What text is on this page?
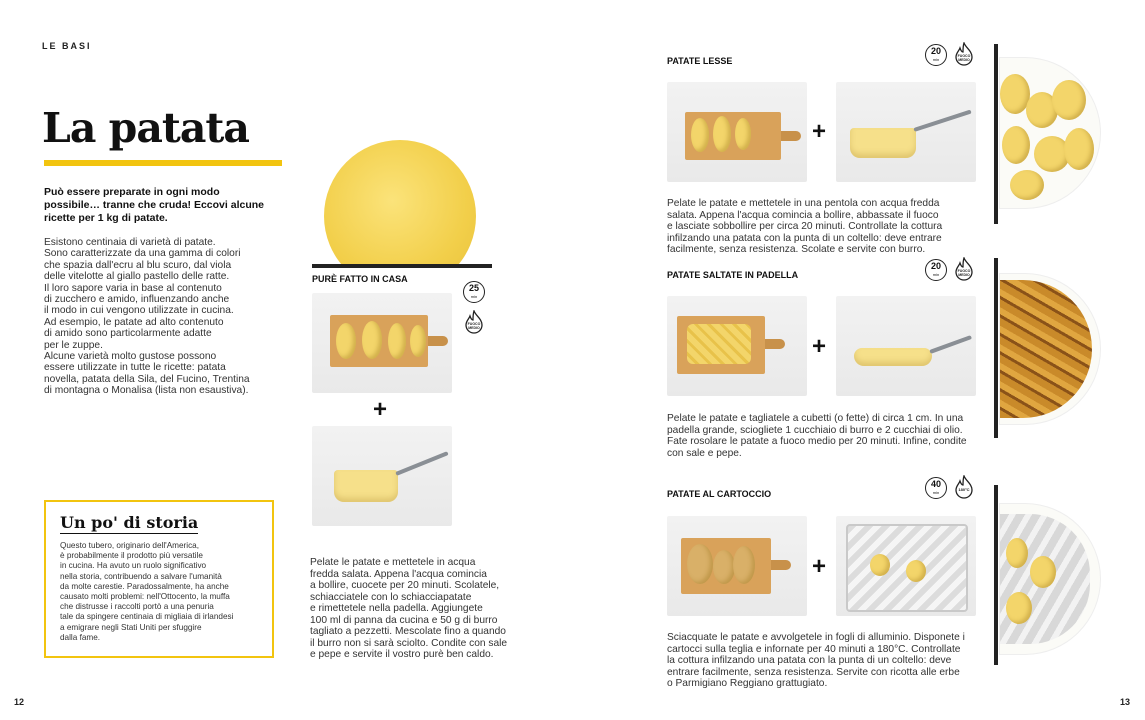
LE BASI
La patata
Può essere preparate in ogni modo possibile… tranne che cruda! Eccovi alcune ricette per 1 kg di patate.

Esistono centinaia di varietà di patate.

Sono caratterizzate da una gamma di colori

che spazia dall'ecru al blu scuro, dal viola

delle vitelotte al giallo pastello delle ratte.

Il loro sapore varia in base al contenuto

di zucchero e amido, influenzando anche

il modo in cui vengono utilizzate in cucina.

Ad esempio, le patate ad alto contenuto

di amido sono particolarmente adatte

per le zuppe.

Alcune varietà molto gustose possono

essere utilizzate in tutte le ricette: patata

novella, patata della Sila, del Fucino, Trentina

di montagna o Monalisa (lista non esaustiva).

Un po' di storia

Questo tubero, originario dell'America,
è probabilmente il prodotto più versatile
in cucina. Ha avuto un ruolo significativo
nella storia, contribuendo a salvare l'umanità
da molte carestie. Paradossalmente, ha anche
causato molti problemi: nell'Ottocento, la muffa
che distrusse i raccolti portò a una penuria
tale da spingere centinaia di migliaia di irlandesi
a emigrare negli Stati Uniti per sfuggire
dalla fame.

PURÈ FATTO IN CASA
25
min
FUOCO MEDIO
+
Pelate le patate e mettetele in acqua
fredda salata. Appena l'acqua comincia
a bollire, cuocete per 20 minuti. Scolatele,
schiacciatele con lo schiacciapatate
e rimettetele nella padella. Aggiungete
100 ml di panna da cucina e 50 g di burro
tagliato a pezzetti. Mescolate fino a quando
il burro non si sarà sciolto. Condite con sale
e pepe e servite il vostro purè ben caldo.
12
PATATE LESSE
20
min
FUOCO MEDIO
+
Pelate le patate e mettetele in una pentola con acqua fredda
salata. Appena l'acqua comincia a bollire, abbassate il fuoco
e lasciate sobbollire per circa 20 minuti. Controllate la cottura
infilzando una patata con la punta di un coltello: deve entrare
facilmente, senza resistenza. Scolate e servite con burro.
PATATE SALTATE IN PADELLA
20
min
FUOCO MEDIO
+
Pelate le patate e tagliatele a cubetti (o fette) di circa 1 cm. In una
padella grande, sciogliete 1 cucchiaio di burro e 2 cucchiai di olio.
Fate rosolare le patate a fuoco medio per 20 minuti. Infine, condite
con sale e pepe.
PATATE AL CARTOCCIO
40
min
180°C
+
Sciacquate le patate e avvolgetele in fogli di alluminio. Disponete i
cartocci sulla teglia e infornate per 40 minuti a 180°C. Controllate
la cottura infilzando una patata con la punta di un coltello: deve
entrare facilmente, senza resistenza. Servite con ricotta alle erbe
o Parmigiano Reggiano grattugiato.
13
